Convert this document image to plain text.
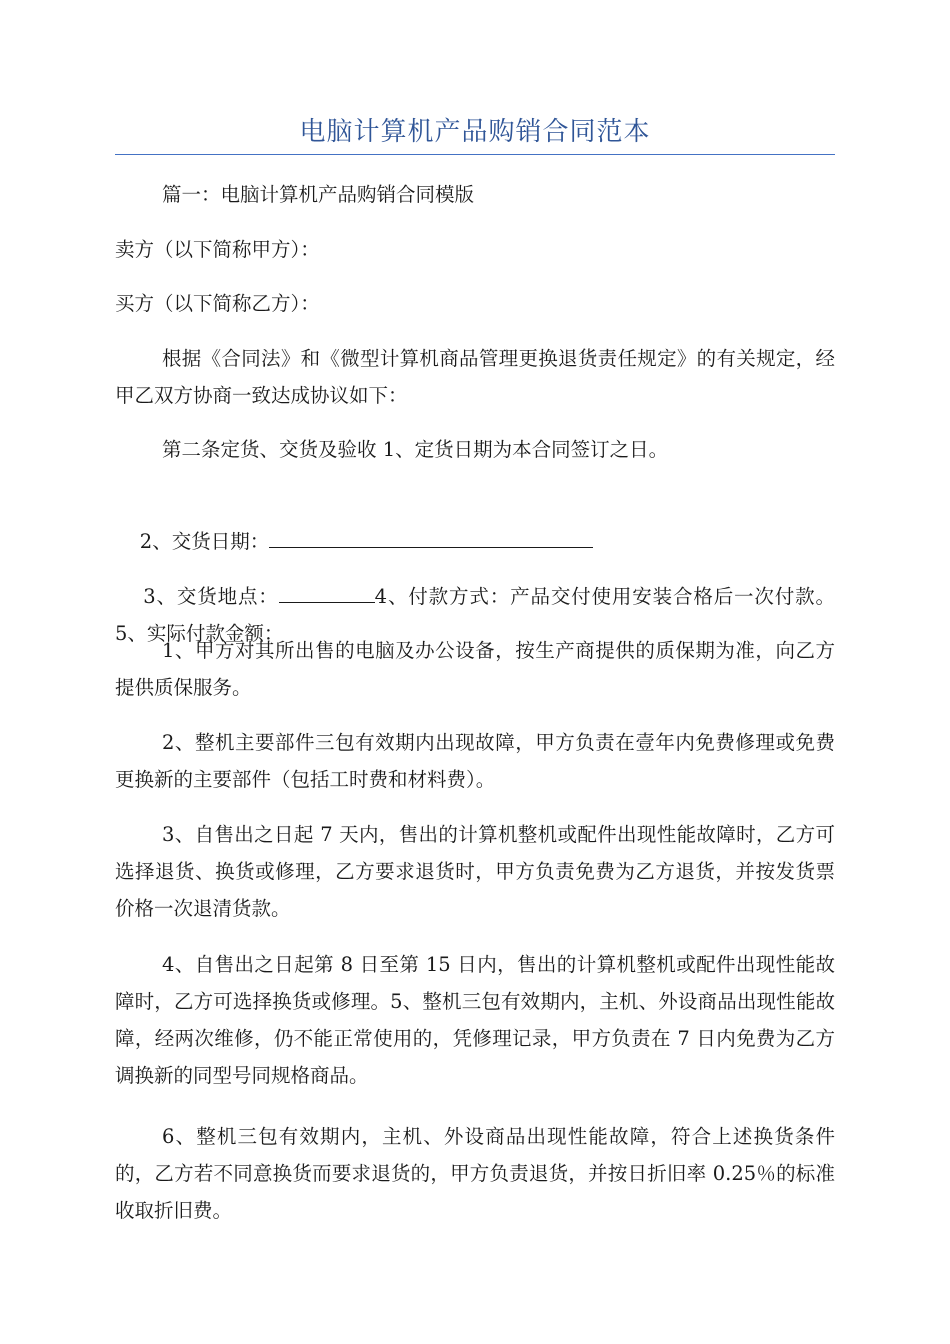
电脑计算机产品购销合同范本
篇一：电脑计算机产品购销合同模版
卖方（以下简称甲方）：
买方（以下简称乙方）：
根据《合同法》和《微型计算机商品管理更换退货责任规定》的有关规定，经甲乙双方协商一致达成协议如下：
第二条定货、交货及验收 1、定货日期为本合同签订之日。

2、交货日期：

3、交货地点：	4、付款方式：产品交付使用安装合格后一次付款。5、实际付款金额：

1、甲方对其所出售的电脑及办公设备，按生产商提供的质保期为准，向乙方提供质保服务。
2、整机主要部件三包有效期内出现故障，甲方负责在壹年内免费修理或免费更换新的主要部件（包括工时费和材料费）。
3、自售出之日起 7 天内，售出的计算机整机或配件出现性能故障时，乙方可选择退货、换货或修理，乙方要求退货时，甲方负责免费为乙方退货，并按发货票价格一次退清货款。
4、自售出之日起第 8 日至第 15 日内，售出的计算机整机或配件出现性能故障时，乙方可选择换货或修理。5、整机三包有效期内，主机、外设商品出现性能故障，经两次维修，仍不能正常使用的，凭修理记录，甲方负责在 7 日内免费为乙方调换新的同型号同规格商品。
6、整机三包有效期内，主机、外设商品出现性能故障，符合上述换货条件的，乙方若不同意换货而要求退货的，甲方负责退货，并按日折旧率 0.25％的标准收取折旧费。
